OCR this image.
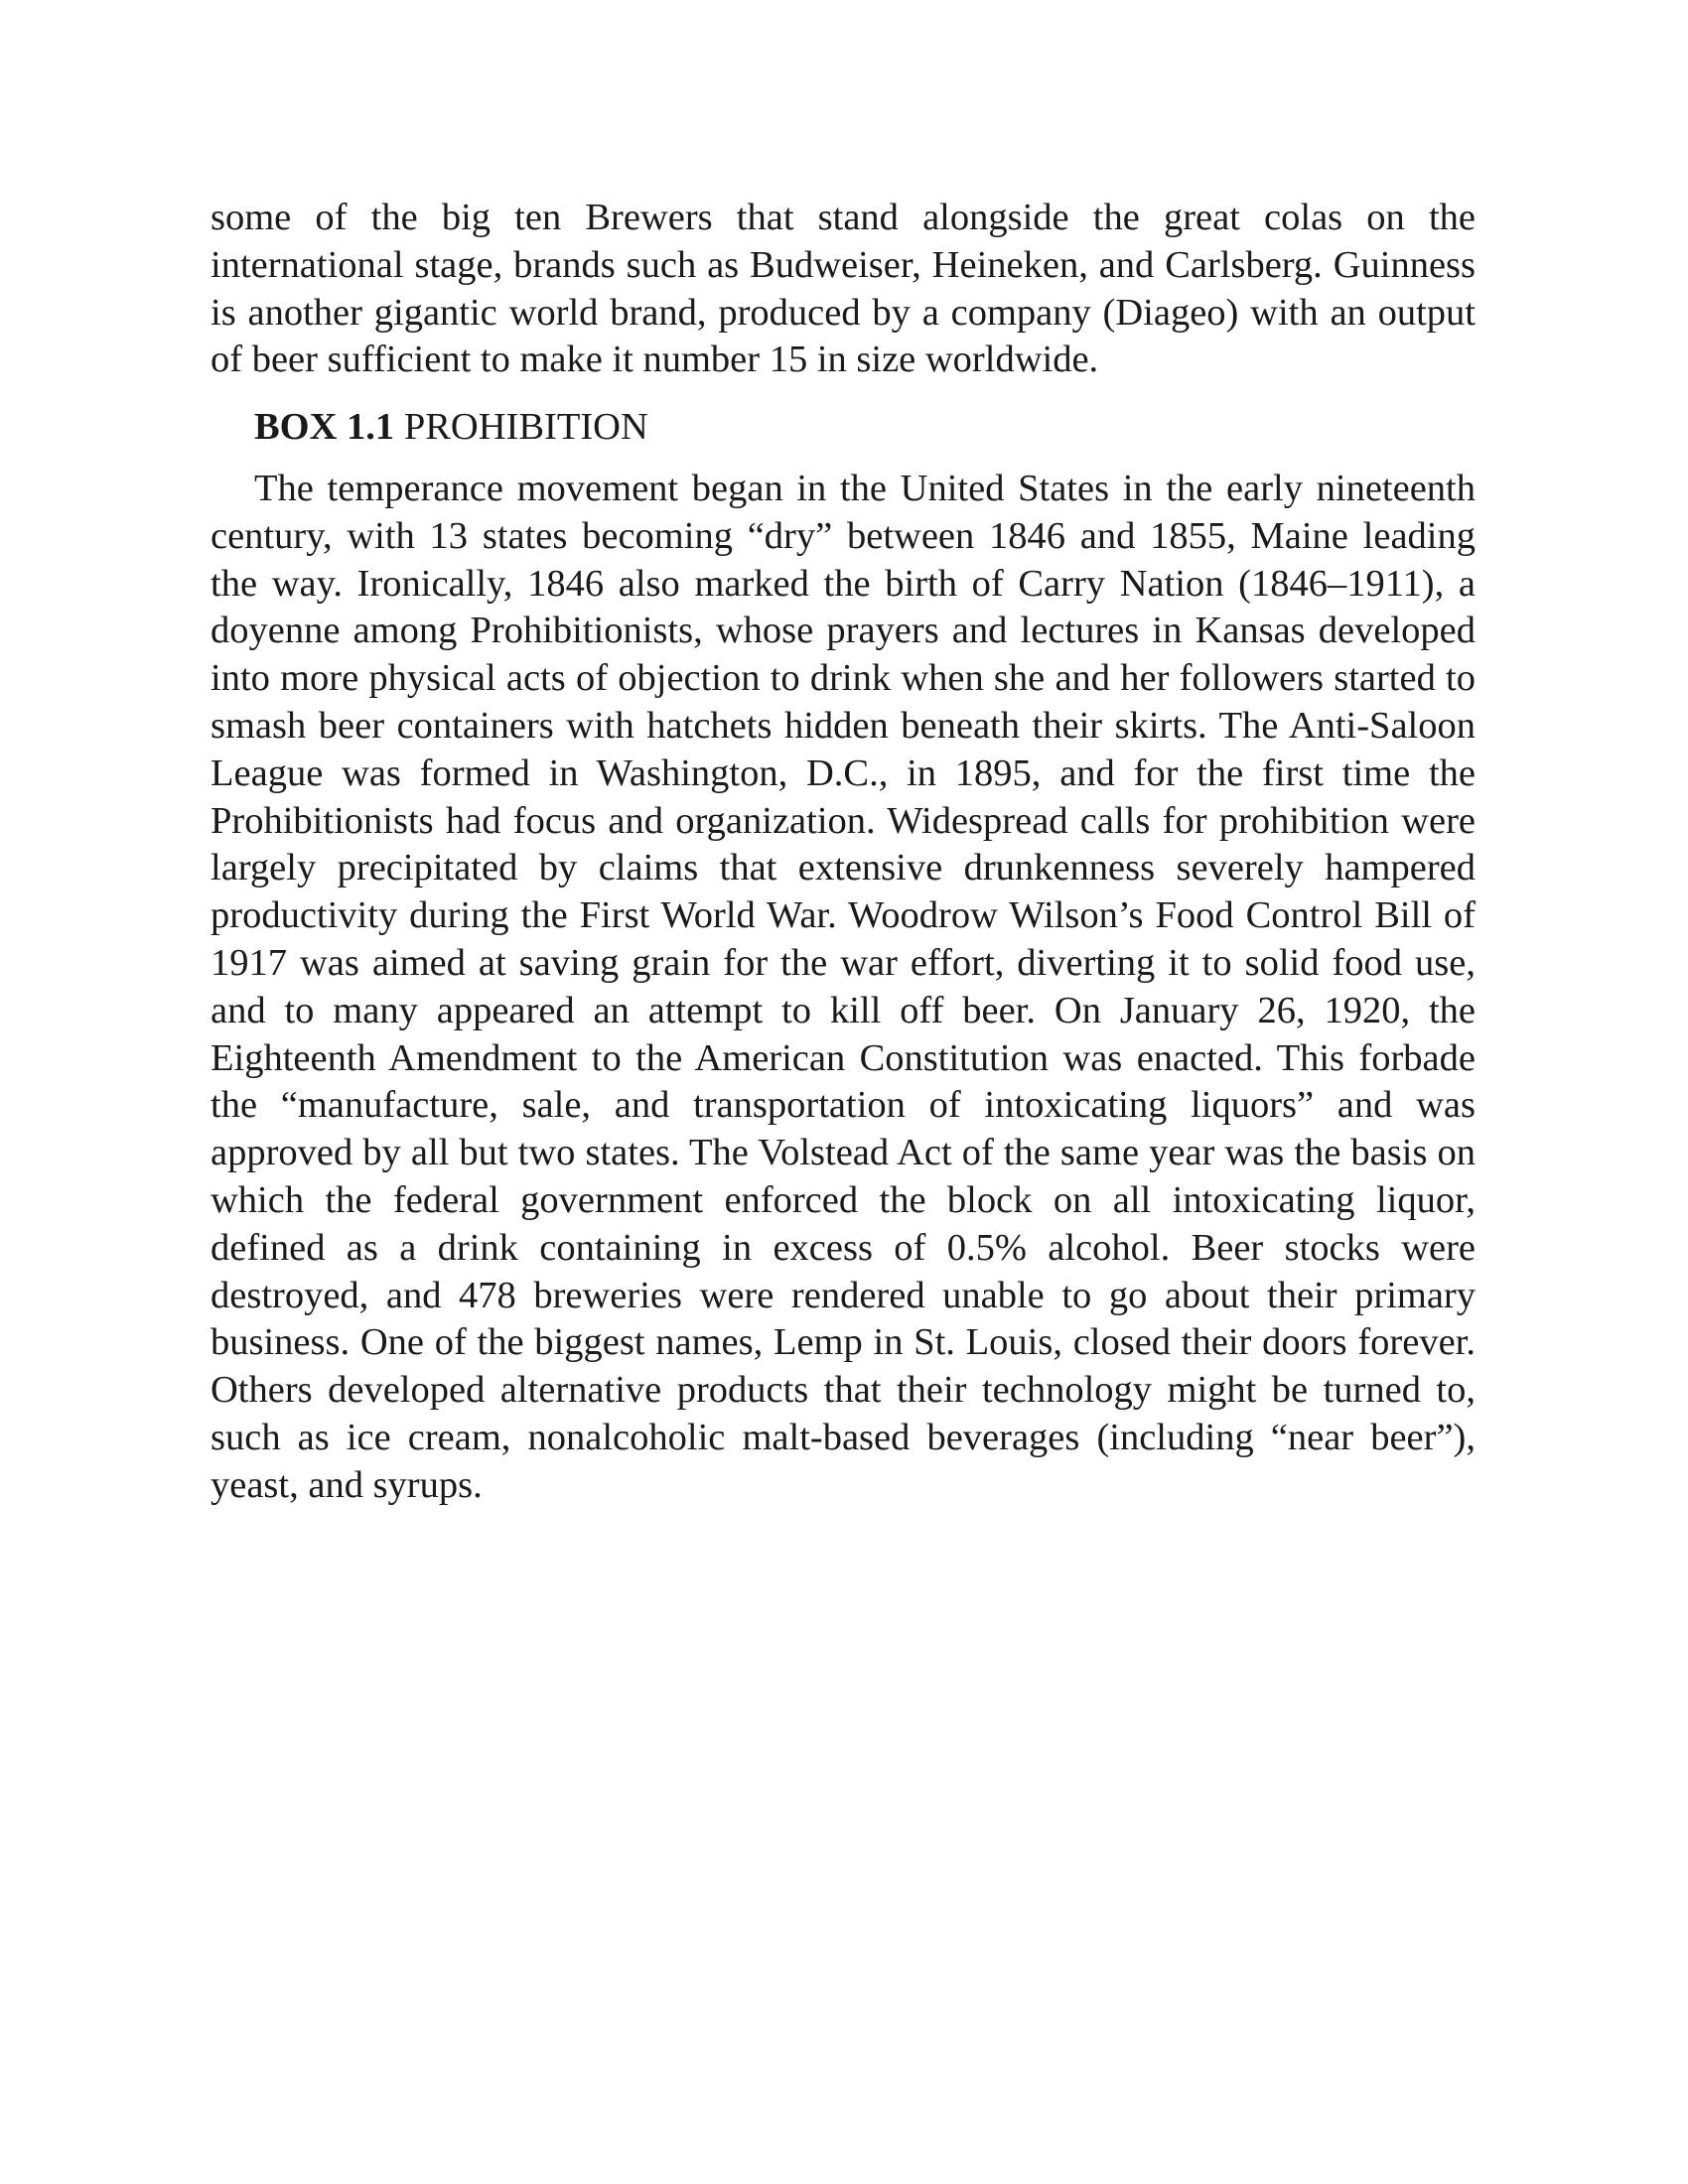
some of the big ten Brewers that stand alongside the great colas on the international stage, brands such as Budweiser, Heineken, and Carlsberg. Guinness is another gigantic world brand, produced by a company (Diageo) with an output of beer sufficient to make it number 15 in size worldwide.

BOX 1.1 PROHIBITION

The temperance movement began in the United States in the early nineteenth century, with 13 states becoming “dry” between 1846 and 1855, Maine leading the way. Ironically, 1846 also marked the birth of Carry Nation (1846–1911), a doyenne among Prohibitionists, whose prayers and lectures in Kansas developed into more physical acts of objection to drink when she and her followers started to smash beer containers with hatchets hidden beneath their skirts. The Anti-Saloon League was formed in Washington, D.C., in 1895, and for the first time the Prohibitionists had focus and organization. Widespread calls for prohibition were largely precipitated by claims that extensive drunkenness severely hampered productivity during the First World War. Woodrow Wilson’s Food Control Bill of 1917 was aimed at saving grain for the war effort, diverting it to solid food use, and to many appeared an attempt to kill off beer. On January 26, 1920, the Eighteenth Amendment to the American Constitution was enacted. This forbade the “manufacture, sale, and transportation of intoxicating liquors” and was approved by all but two states. The Volstead Act of the same year was the basis on which the federal government enforced the block on all intoxicating liquor, defined as a drink containing in excess of 0.5% alcohol. Beer stocks were destroyed, and 478 breweries were rendered unable to go about their primary business. One of the biggest names, Lemp in St. Louis, closed their doors forever. Others developed alternative products that their technology might be turned to, such as ice cream, nonalcoholic malt-based beverages (including “near beer”), yeast, and syrups.
